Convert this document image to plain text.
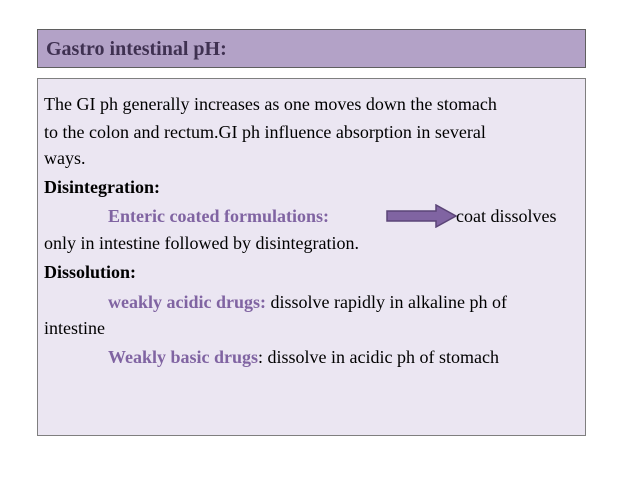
Gastro intestinal pH:
The GI ph generally increases as one moves down the stomach
to the colon and rectum.GI ph influence absorption in several
ways.
Disintegration:
Enteric coated formulations:	coat dissolves
only in intestine followed by disintegration.
Dissolution:
weakly acidic drugs: dissolve rapidly in alkaline ph of
intestine
Weakly basic drugs: dissolve in acidic ph of stomach
